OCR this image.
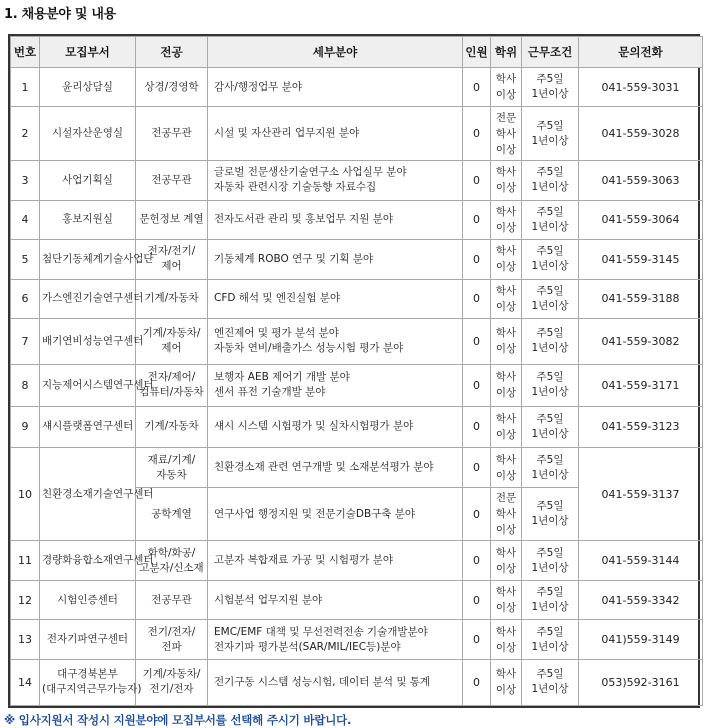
1. 채용분야 및 내용
번호	모집부서	전공	세부분야	인원	학위	근무조건	문의전화
1	윤리상담실	상경/경영학	감사/행정업무 분야	0	학사 이상	주5일 1년이상	041-559-3031
2	시설자산운영실	전공무관	시설 및 자산관리 업무지원 분야	0	전문 학사 이상	주5일 1년이상	041-559-3028
3	사업기획실	전공무관	글로벌 전문생산기술연구소 사업실무 분야
자동차 관련시장 기술동향 자료수집	0	학사 이상	주5일 1년이상	041-559-3063
4	홍보지원실	문헌정보 계열	전자도서관 관리 및 홍보업무 지원 분야	0	학사 이상	주5일 1년이상	041-559-3064
5	첨단기동체계기술사업단	전자/전기/제어	기동체계 ROBO 연구 및 기획 분야	0	학사 이상	주5일 1년이상	041-559-3145
6	가스엔진기술연구센터	기계/자동차	CFD 해석 및 엔진실험 분야	0	학사 이상	주5일 1년이상	041-559-3188
7	배기연비성능연구센터	기계/자동차/제어	엔진제어 및 평가 분석 분야
자동차 연비/배출가스 성능시험 평가 분야	0	학사 이상	주5일 1년이상	041-559-3082
8	지능제어시스템연구센터	전자/제어/컴퓨터/자동차	보행자 AEB 제어기 개발 분야
센서 퓨전 기술개발 분야	0	학사 이상	주5일 1년이상	041-559-3171
9	섀시플랫폼연구센터	기계/자동차	섀시 시스템 시험평가 및 실차시험평가 분야	0	학사 이상	주5일 1년이상	041-559-3123
10	친환경소재기술연구센터	재료/기계/자동차	친환경소재 관련 연구개발 및 소재분석평가 분야	0	학사 이상	주5일 1년이상	041-559-3137
		공학계열	연구사업 행정지원 및 전문기술DB구축 분야	0	전문 학사 이상	주5일 1년이상	
11	경량화융합소재연구센터	화학/화공/고분자/신소재	고분자 복합재료 가공 및 시험평가 분야	0	학사 이상	주5일 1년이상	041-559-3144
12	시험인증센터	전공무관	시험분석 업무지원 분야	0	학사 이상	주5일 1년이상	041-559-3342
13	전자기파연구센터	전기/전자/전파	EMC/EMF 대책 및 무선전력전송 기술개발분야
전자기파 평가분석(SAR/MIL/IEC등)분야	0	학사 이상	주5일 1년이상	041)559-3149
14	대구경북본부(대구지역근무가능자)	기계/자동차/전기/전자	전기구동 시스템 성능시험, 데이터 분석 및 통계	0	학사 이상	주5일 1년이상	053)592-3161
※ 입사지원서 작성시 지원분야에 모집부서를 선택해 주시기 바랍니다.
